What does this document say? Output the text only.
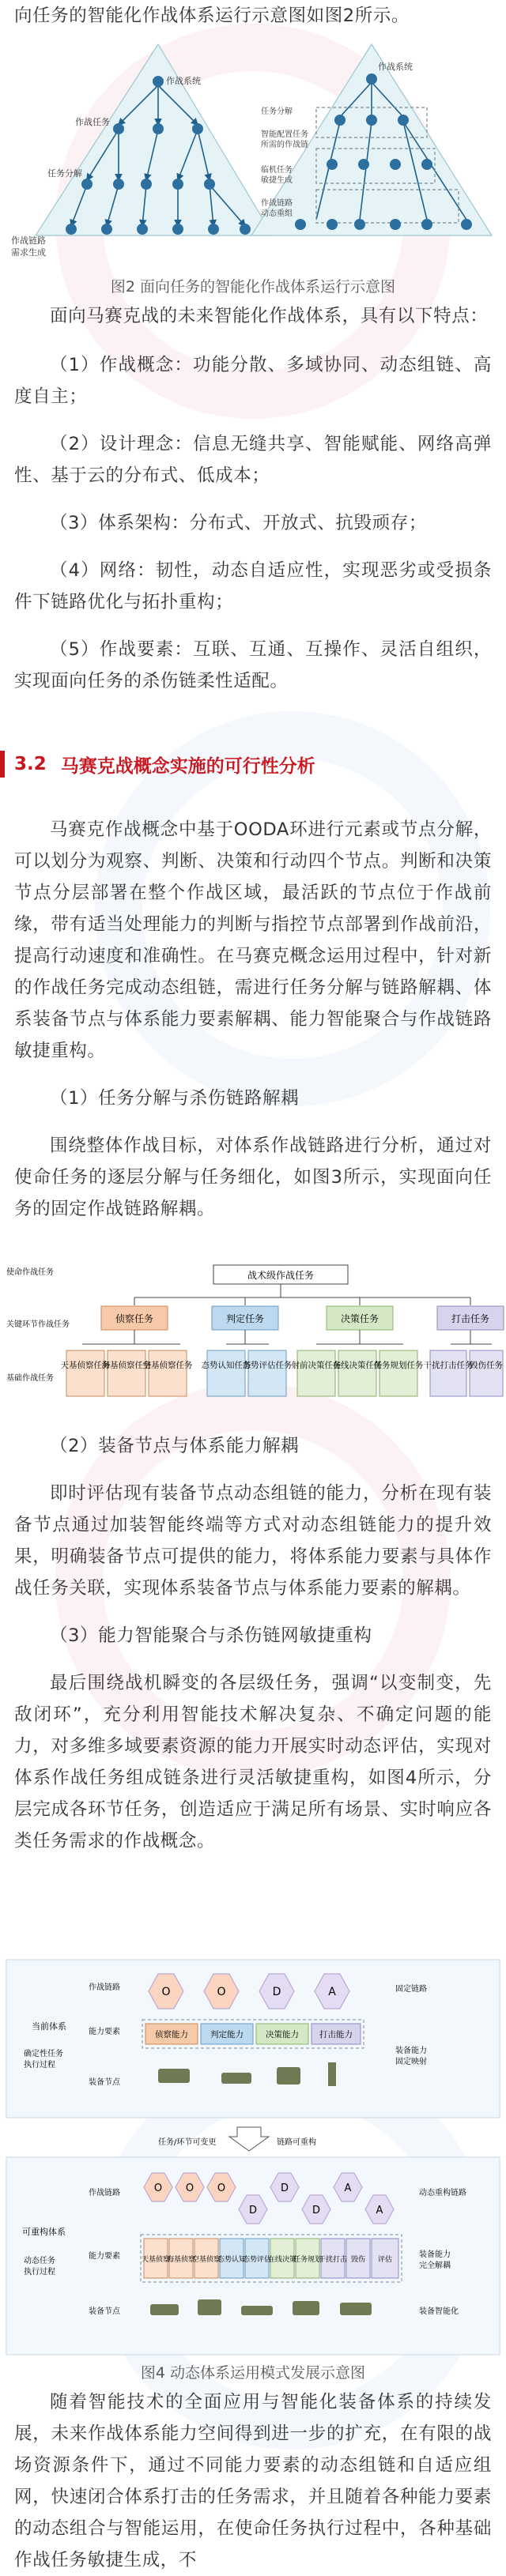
向任务的智能化作战体系运行示意图如图2所示。

作战系统
作战任务
任务分解
作战链路
需求生成
作战系统
任务分解
智能配置任务
所需的作战链
临机任务
敏捷生成
作战链路
动态重组

图2 面向任务的智能化作战体系运行示意图

面向马赛克战的未来智能化作战体系，具有以下特点：

（1）作战概念：功能分散、多域协同、动态组链、高度自主；

（2）设计理念：信息无缝共享、智能赋能、网络高弹性、基于云的分布式、低成本；

（3）体系架构：分布式、开放式、抗毁顽存；

（4）网络：韧性，动态自适应性，实现恶劣或受损条件下链路优化与拓扑重构；

（5）作战要素：互联、互通、互操作、灵活自组织，实现面向任务的杀伤链柔性适配。

3.2 马赛克战概念实施的可行性分析

马赛克作战概念中基于OODA环进行元素或节点分解，可以划分为观察、判断、决策和行动四个节点。判断和决策节点分层部署在整个作战区域，最活跃的节点位于作战前缘，带有适当处理能力的判断与指控节点部署到作战前沿，提高行动速度和准确性。在马赛克概念运用过程中，针对新的作战任务完成动态组链，需进行任务分解与链路解耦、体系装备节点与体系能力要素解耦、能力智能聚合与作战链路敏捷重构。

（1）任务分解与杀伤链路解耦

围绕整体作战目标，对体系作战链路进行分析，通过对使命任务的逐层分解与任务细化，如图3所示，实现面向任务的固定作战链路解耦。

战术级作战任务
使命作战任务
关键环节作战任务
基础作战任务
侦察任务	判定任务	决策任务	打击任务
天基侦察任务
海基侦察任务
空基侦察任务 态势认知任务
态势评估任务 射前决策任务
在线决策任务
任务规划任务 干扰打击任务
毁伤任务

（2）装备节点与体系能力解耦

即时评估现有装备节点动态组链的能力，分析在现有装备节点通过加装智能终端等方式对动态组链能力的提升效果，明确装备节点可提供的能力，将体系能力要素与具体作战任务关联，实现体系装备节点与体系能力要素的解耦。

（3）能力智能聚合与杀伤链网敏捷重构

最后围绕战机瞬变的各层级任务，强调“以变制变，先敌闭环”，充分利用智能技术解决复杂、不确定问题的能力，对多维多域要素资源的能力开展实时动态评估，实现对体系作战任务组成链条进行灵活敏捷重构，如图4所示，分层完成各环节任务，创造适应于满足所有场景、实时响应各类任务需求的作战概念。

当前体系
确定性任务
执行过程
作战链路
能力要素
装备节点
O	O	D	A
侦察能力	判定能力	决策能力 打击能力
固定链路
装备能力
固定映射
任务/环节可变更	链路可重构
可重构体系
动态任务
执行过程
作战链路
能力要素
装备节点
O O O
D
D
D
A
A
天基侦察
海基侦察
空基侦察
态势认知
态势评估
在线决策
任务规划
干扰打击 毁伤 评估
动态重构链路
装备能力
完全解耦
装备智能化

图4 动态体系运用模式发展示意图

随着智能技术的全面应用与智能化装备体系的持续发展，未来作战体系能力空间得到进一步的扩充，在有限的战场资源条件下，通过不同能力要素的动态组链和自适应组网，快速闭合体系打击的任务需求，并且随着各种能力要素的动态组合与智能运用，在使命任务执行过程中，各种基础作战任务敏捷生成，不
